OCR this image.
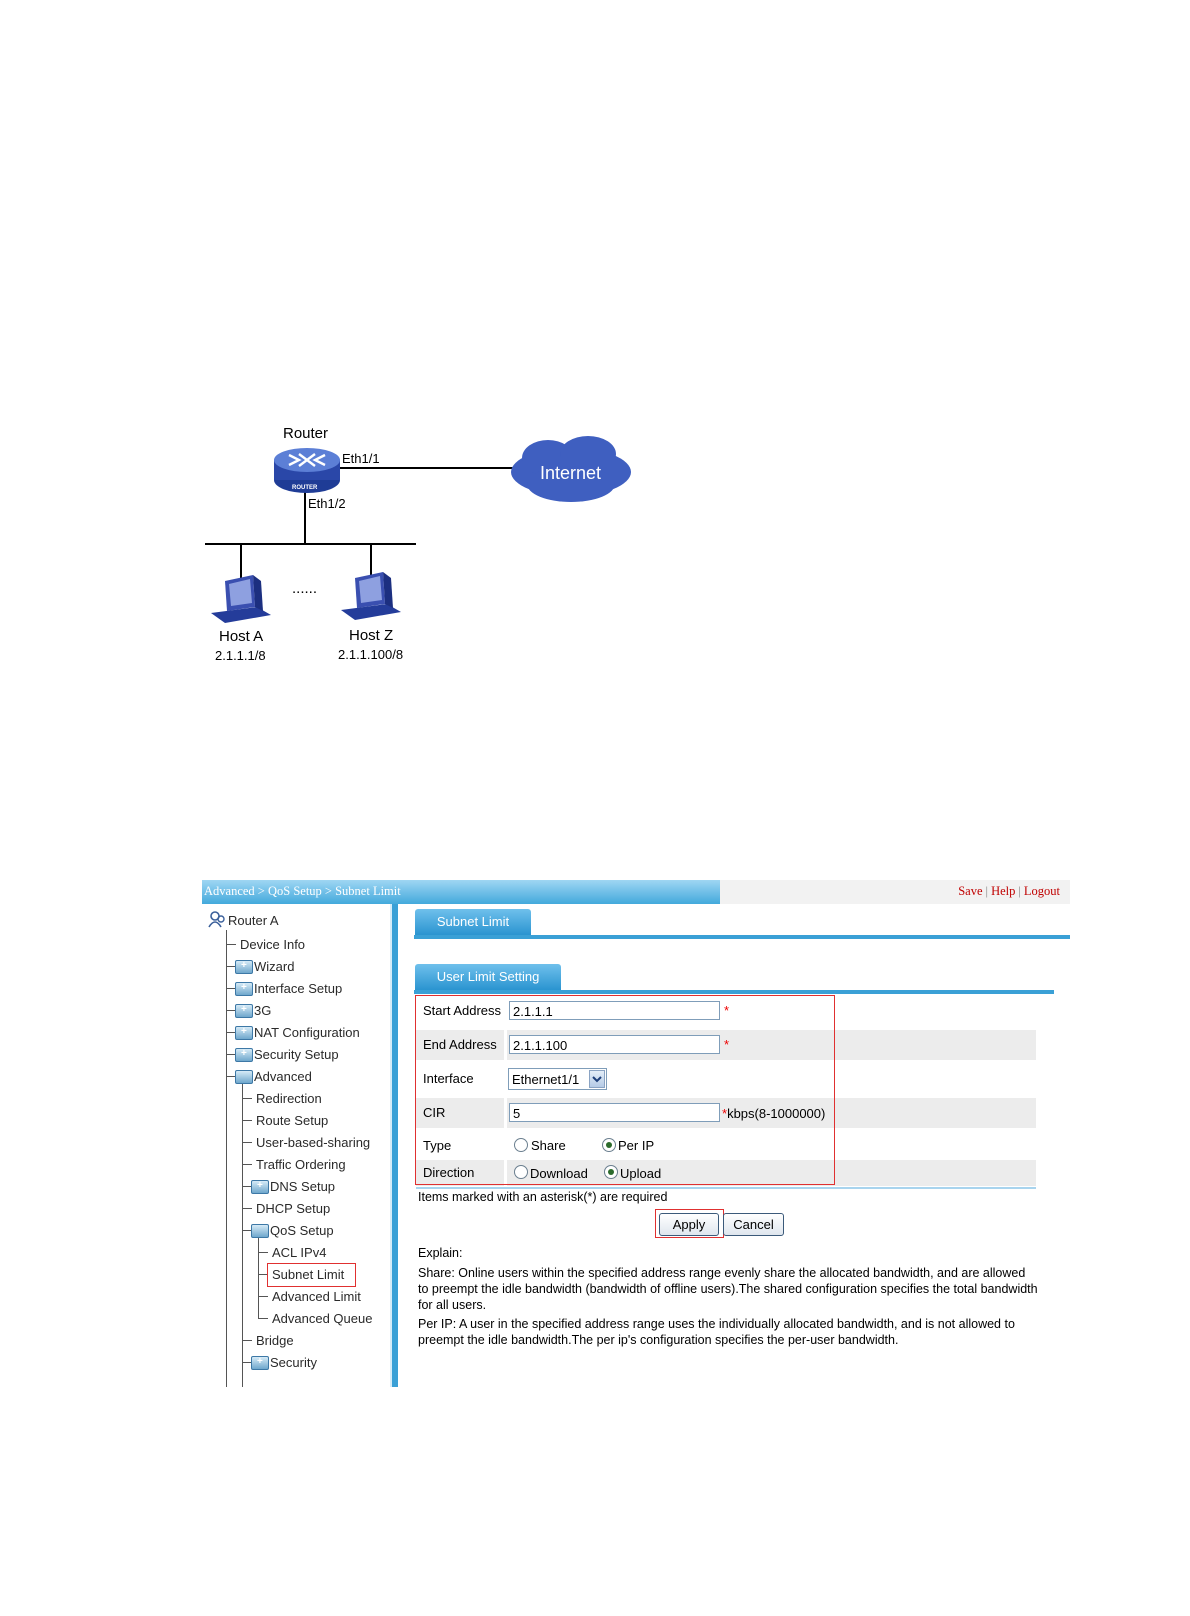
ROUTER
Internet
Router
Eth1/1
Eth1/2
......
Host A
2.1.1.1/8
Host Z
2.1.1.100/8
Advanced > QoS Setup > Subnet Limit	Save | Help | Logout
Router A
Device Info
+ Wizard
+ Interface Setup
+ 3G
+ NAT Configuration
+ Security Setup
Advanced
Redirection
Route Setup
User-based-sharing
Traffic Ordering
+ DNS Setup
DHCP Setup
QoS Setup
ACL IPv4
Subnet Limit
Advanced Limit
Advanced Queue
Bridge
+ Security
Subnet Limit
User Limit Setting
Start Address 2.1.1.1	*
End Address	2.1.1.100	*
Interface	Ethernet1/1
CIR	5	*kbps(8-1000000)
Type	Share	Per IP
Direction	Download Upload
Items marked with an asterisk(*) are required
Apply	Cancel
Explain:
Share: Online users within the specified address range evenly share the allocated bandwidth, and are allowed to preempt the idle bandwidth (bandwidth of offline users).The shared configuration specifies the total bandwidth for all users.
Per IP: A user in the specified address range uses the individually allocated bandwidth, and is not allowed to preempt the idle bandwidth.The per ip's configuration specifies the per-user bandwidth.
